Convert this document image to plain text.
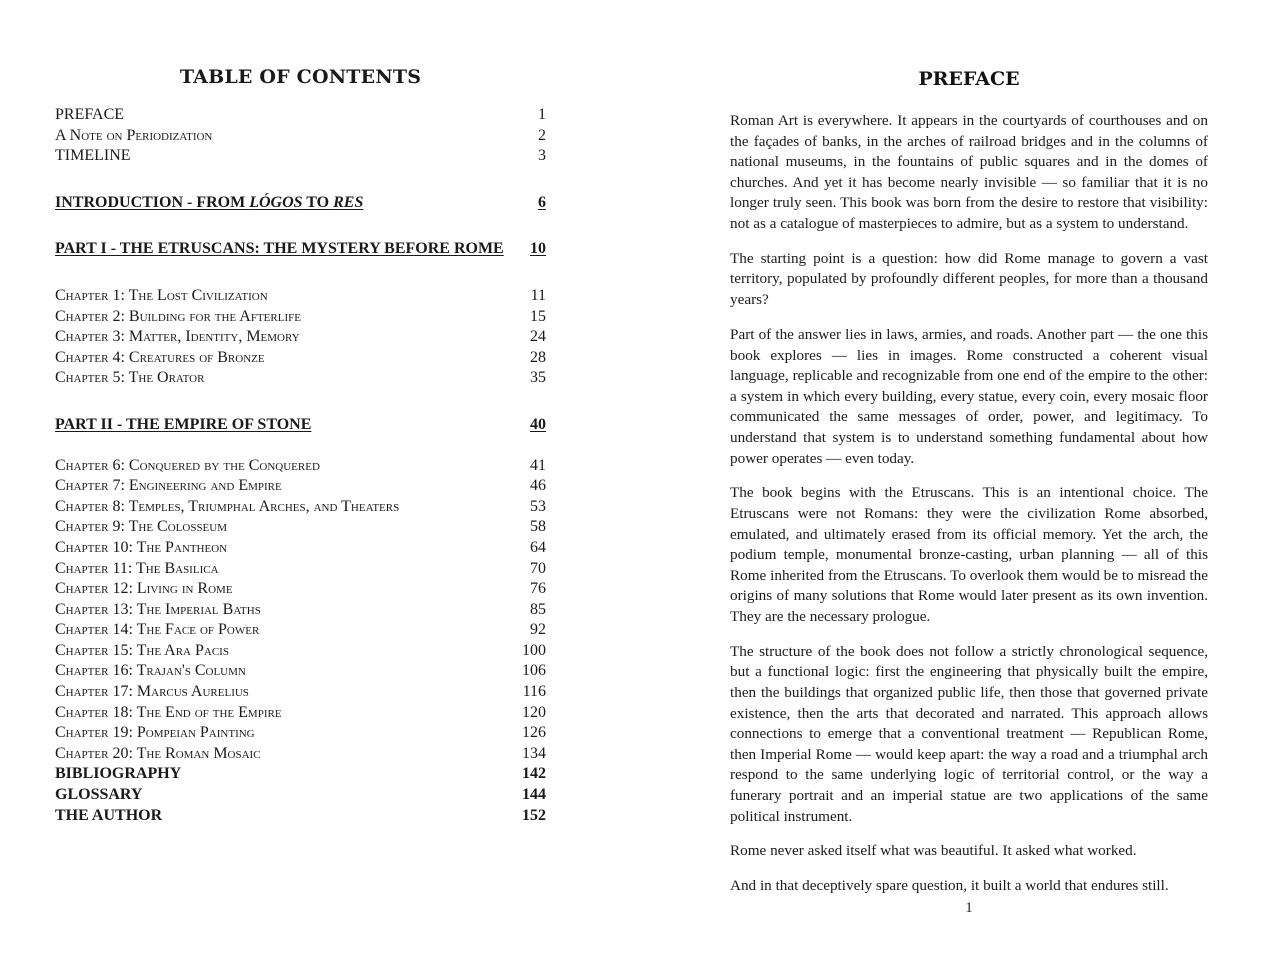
TABLE OF CONTENTS
PREFACE	1
A Note on Periodization	2
TIMELINE	3
INTRODUCTION - FROM LÓGOS TO RES	6
PART I - THE ETRUSCANS: THE MYSTERY BEFORE ROME	10
Chapter 1: The Lost Civilization	11
Chapter 2: Building for the Afterlife	15
Chapter 3: Matter, Identity, Memory	24
Chapter 4: Creatures of Bronze	28
Chapter 5: The Orator	35
PART II - THE EMPIRE OF STONE	40
Chapter 6: Conquered by the Conquered	41
Chapter 7: Engineering and Empire	46
Chapter 8: Temples, Triumphal Arches, and Theaters	53
Chapter 9: The Colosseum	58
Chapter 10: The Pantheon	64
Chapter 11: The Basilica	70
Chapter 12: Living in Rome	76
Chapter 13: The Imperial Baths	85
Chapter 14: The Face of Power	92
Chapter 15: The Ara Pacis	100
Chapter 16: Trajan's Column	106
Chapter 17: Marcus Aurelius	116
Chapter 18: The End of the Empire	120
Chapter 19: Pompeian Painting	126
Chapter 20: The Roman Mosaic	134
BIBLIOGRAPHY	142
GLOSSARY	144
THE AUTHOR	152
PREFACE

Roman Art is everywhere. It appears in the courtyards of courthouses and on the façades of banks, in the arches of railroad bridges and in the columns of national museums, in the fountains of public squares and in the domes of churches. And yet it has become nearly invisible — so familiar that it is no longer truly seen. This book was born from the desire to restore that visibility: not as a catalogue of masterpieces to admire, but as a system to understand.

The starting point is a question: how did Rome manage to govern a vast territory, populated by profoundly different peoples, for more than a thousand years?

Part of the answer lies in laws, armies, and roads. Another part — the one this book explores — lies in images. Rome constructed a coherent visual language, replicable and recognizable from one end of the empire to the other: a system in which every building, every statue, every coin, every mosaic floor communicated the same messages of order, power, and legitimacy. To understand that system is to understand something fundamental about how power operates — even today.

The book begins with the Etruscans. This is an intentional choice. The Etruscans were not Romans: they were the civilization Rome absorbed, emulated, and ultimately erased from its official memory. Yet the arch, the podium temple, monumental bronze-casting, urban planning — all of this Rome inherited from the Etruscans. To overlook them would be to misread the origins of many solutions that Rome would later present as its own invention. They are the necessary prologue.

The structure of the book does not follow a strictly chronological sequence, but a functional logic: first the engineering that physically built the empire, then the buildings that organized public life, then those that governed private existence, then the arts that decorated and narrated. This approach allows connections to emerge that a conventional treatment — Republican Rome, then Imperial Rome — would keep apart: the way a road and a triumphal arch respond to the same underlying logic of territorial control, or the way a funerary portrait and an imperial statue are two applications of the same political instrument.

Rome never asked itself what was beautiful. It asked what worked.

And in that deceptively spare question, it built a world that endures still.

1
